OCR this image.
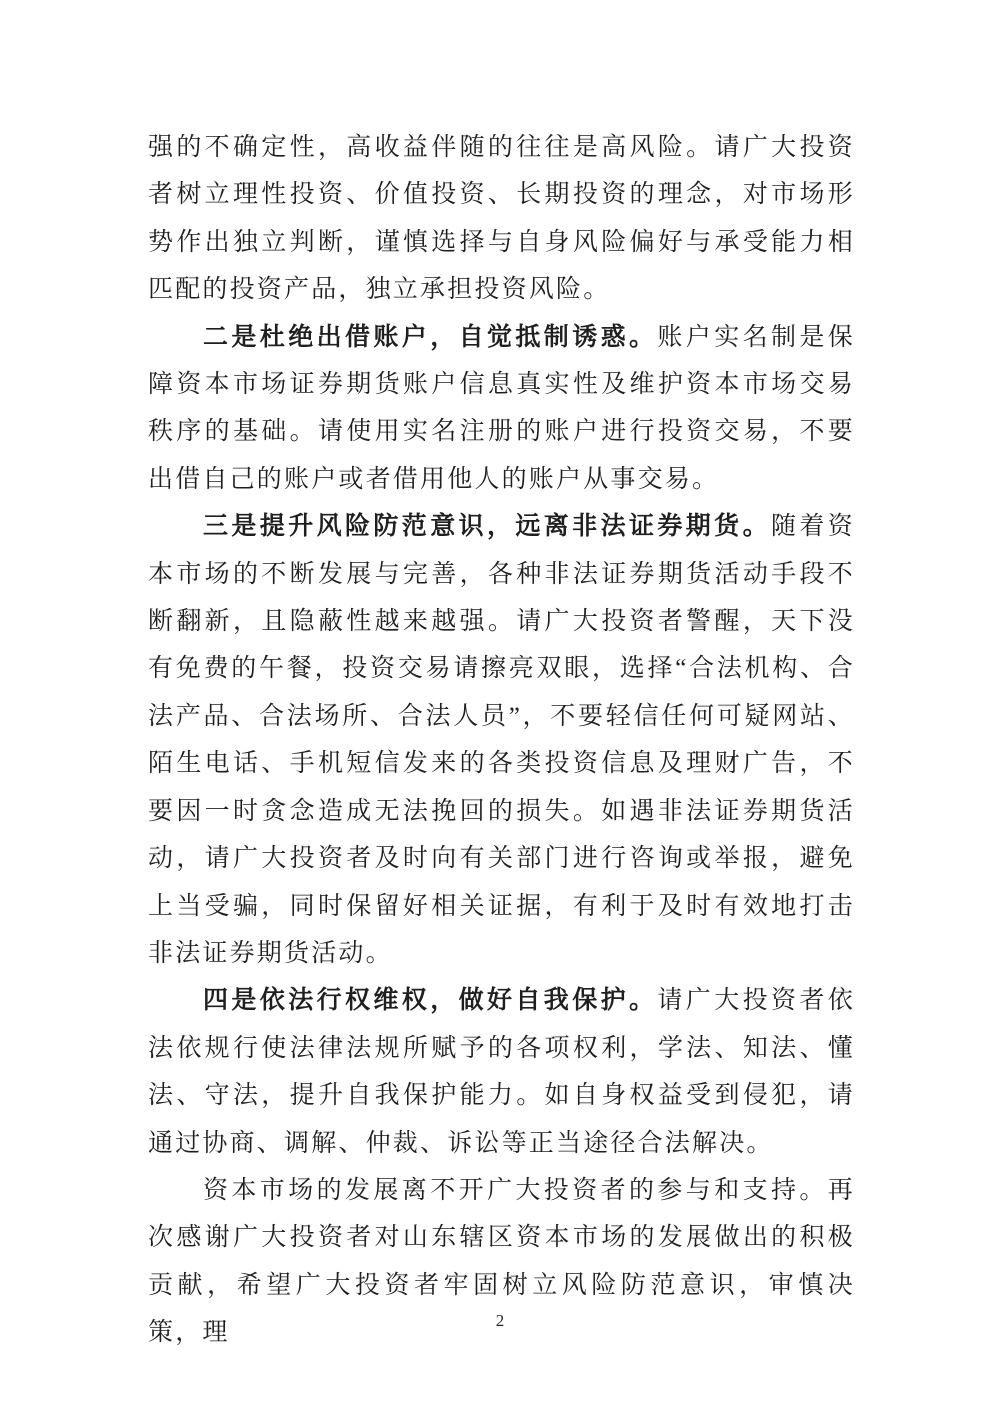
强的不确定性，高收益伴随的往往是高风险。请广大投资者树立理性投资、价值投资、长期投资的理念，对市场形势作出独立判断，谨慎选择与自身风险偏好与承受能力相匹配的投资产品，独立承担投资风险。

二是杜绝出借账户，自觉抵制诱惑。账户实名制是保障资本市场证券期货账户信息真实性及维护资本市场交易秩序的基础。请使用实名注册的账户进行投资交易，不要出借自己的账户或者借用他人的账户从事交易。

三是提升风险防范意识，远离非法证券期货。随着资本市场的不断发展与完善，各种非法证券期货活动手段不断翻新，且隐蔽性越来越强。请广大投资者警醒，天下没有免费的午餐，投资交易请擦亮双眼，选择“合法机构、合法产品、合法场所、合法人员”，不要轻信任何可疑网站、陌生电话、手机短信发来的各类投资信息及理财广告，不要因一时贪念造成无法挽回的损失。如遇非法证券期货活动，请广大投资者及时向有关部门进行咨询或举报，避免上当受骗，同时保留好相关证据，有利于及时有效地打击非法证券期货活动。

四是依法行权维权，做好自我保护。请广大投资者依法依规行使法律法规所赋予的各项权利，学法、知法、懂法、守法，提升自我保护能力。如自身权益受到侵犯，请通过协商、调解、仲裁、诉讼等正当途径合法解决。

资本市场的发展离不开广大投资者的参与和支持。再次感谢广大投资者对山东辖区资本市场的发展做出的积极贡献，希望广大投资者牢固树立风险防范意识，审慎决策，理	2
